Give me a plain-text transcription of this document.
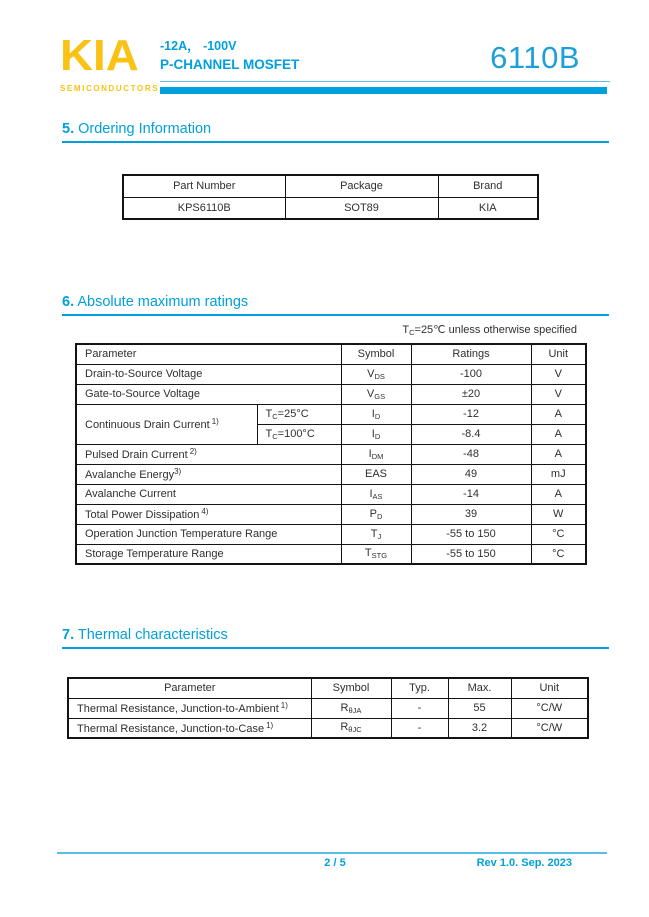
KIA
SEMICONDUCTORS
-12A， -100V
P-CHANNEL MOSFET	6110B
5. Ordering Information
Part Number	Package	Brand
KPS6110B	SOT89	KIA
6. Absolute maximum ratings
$T_C=25℃$ unless otherwise specified
Parameter		Symbol	Ratings	Unit
Drain-to-Source Voltage		$V_{DS}$	-100	V
Gate-to-Source Voltage		$V_{GS}$	±20	V
Continuous Drain Current $^{1)}$	$T_C=25^\circ C$	$I_D$	-12	A
	$T_C=100^\circ C$	$I_D$	-8.4	A
Pulsed Drain Current $^{2)}$		$I_{DM}$	-48	A
Avalanche Energy$^{3)}$		EAS	49	mJ
Avalanche Current		$I_{AS}$	-14	A
Total Power Dissipation $^{4)}$		$P_D$	39	W
Operation Junction Temperature Range		$T_J$	-55 to 150	°C
Storage Temperature Range		$T_{STG}$	-55 to 150	°C
7. Thermal characteristics
Parameter	Symbol	Typ.	Max.	Unit
Thermal Resistance, Junction-to-Ambient $^{1)}$	$R_{\theta JA}$	-	55	°C/W
Thermal Resistance, Junction-to-Case $^{1)}$	$R_{\theta JC}$	-	3.2	°C/W
2 / 5	Rev 1.0. Sep. 2023
